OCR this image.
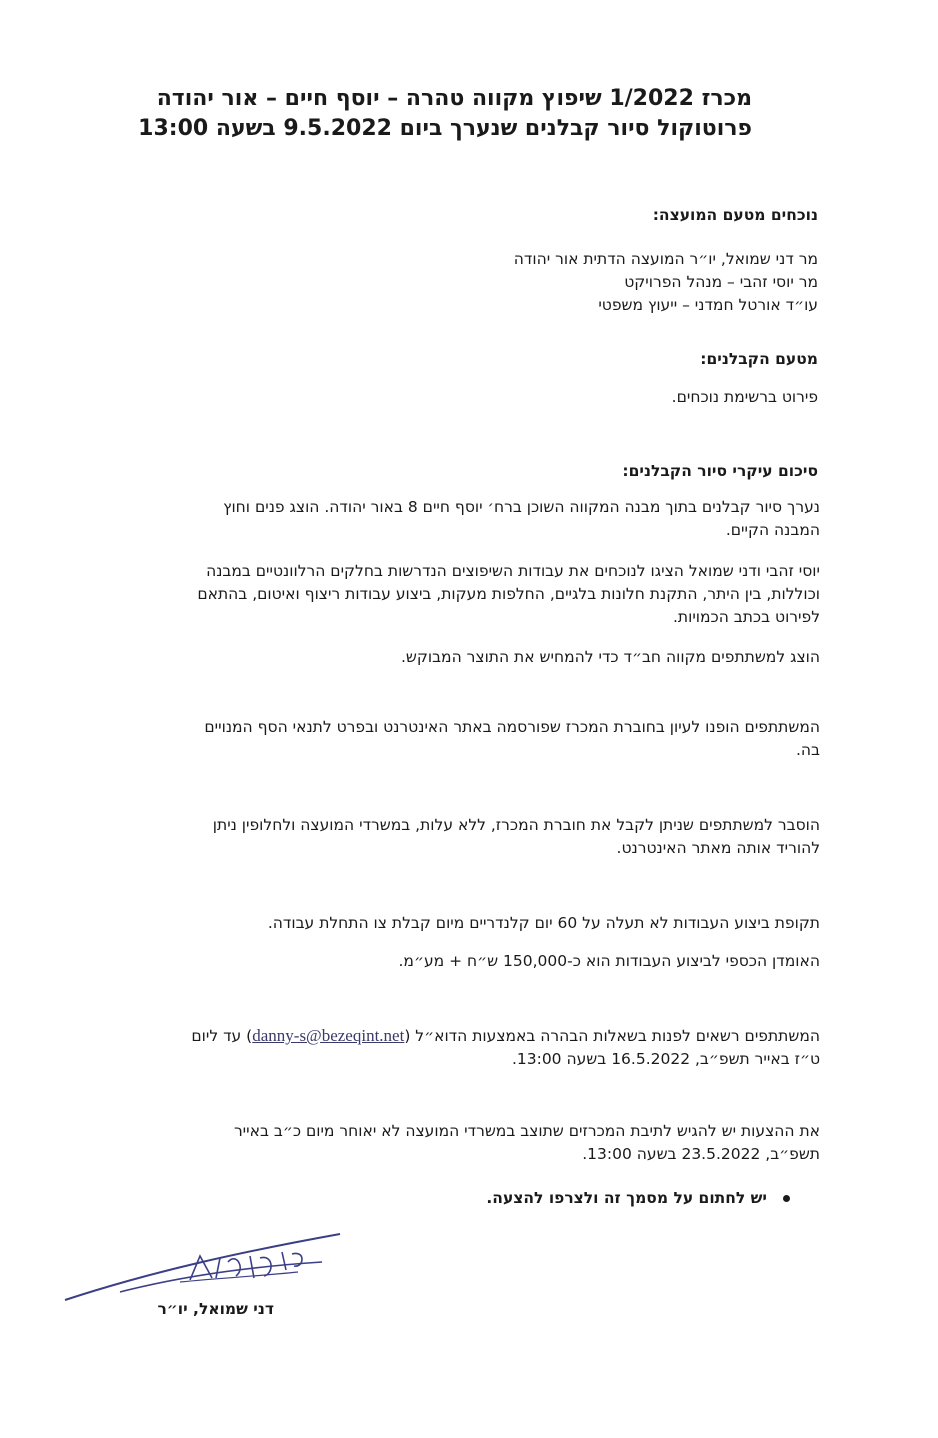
מכרז 1/2022 שיפוץ מקווה טהרה – יוסף חיים – אור יהודה
פרוטוקול סיור קבלנים שנערך ביום 9.5.2022 בשעה 13:00
נוכחים מטעם המועצה:
מר דני שמואל, יו״ר המועצה הדתית אור יהודה
מר יוסי זהבי – מנהל הפרויקט
עו״ד אורטל חמדני – ייעוץ משפטי
מטעם הקבלנים:
פירוט ברשימת נוכחים.
סיכום עיקרי סיור הקבלנים:
נערך סיור קבלנים בתוך מבנה המקווה השוכן ברח׳ יוסף חיים 8 באור יהודה. הוצג פנים וחוץ
המבנה הקיים.
יוסי זהבי ודני שמואל הציגו לנוכחים את עבודות השיפוצים הנדרשות בחלקים הרלוונטיים במבנה
וכוללות, בין היתר, התקנת חלונות בלגיים, החלפות מעקות, ביצוע עבודות ריצוף ואיטום, בהתאם
לפירוט בכתב הכמויות.
הוצג למשתתפים מקווה חב״ד כדי להמחיש את התוצר המבוקש.
המשתתפים הופנו לעיון בחוברת המכרז שפורסמה באתר האינטרנט ובפרט לתנאי הסף המנויים
בה.
הוסבר למשתתפים שניתן לקבל את חוברת המכרז, ללא עלות, במשרדי המועצה ולחלופין ניתן
להוריד אותה מאתר האינטרנט.
תקופת ביצוע העבודות לא תעלה על 60 יום קלנדריים מיום קבלת צו התחלת עבודה.
האומדן הכספי לביצוע העבודות הוא כ-150,000 ש״ח + מע״מ.
המשתתפים רשאים לפנות בשאלות הבהרה באמצעות הדוא״ל (danny-s@bezeqint.net) עד ליום
ט״ז באייר תשפ״ב, 16.5.2022 בשעה 13:00.
את ההצעות יש להגיש לתיבת המכרזים שתוצב במשרדי המועצה לא יאוחר מיום כ״ב באייר
תשפ״ב, 23.5.2022 בשעה 13:00.
יש לחתום על מסמך זה ולצרפו להצעה.
דני שמואל, יו״ר
